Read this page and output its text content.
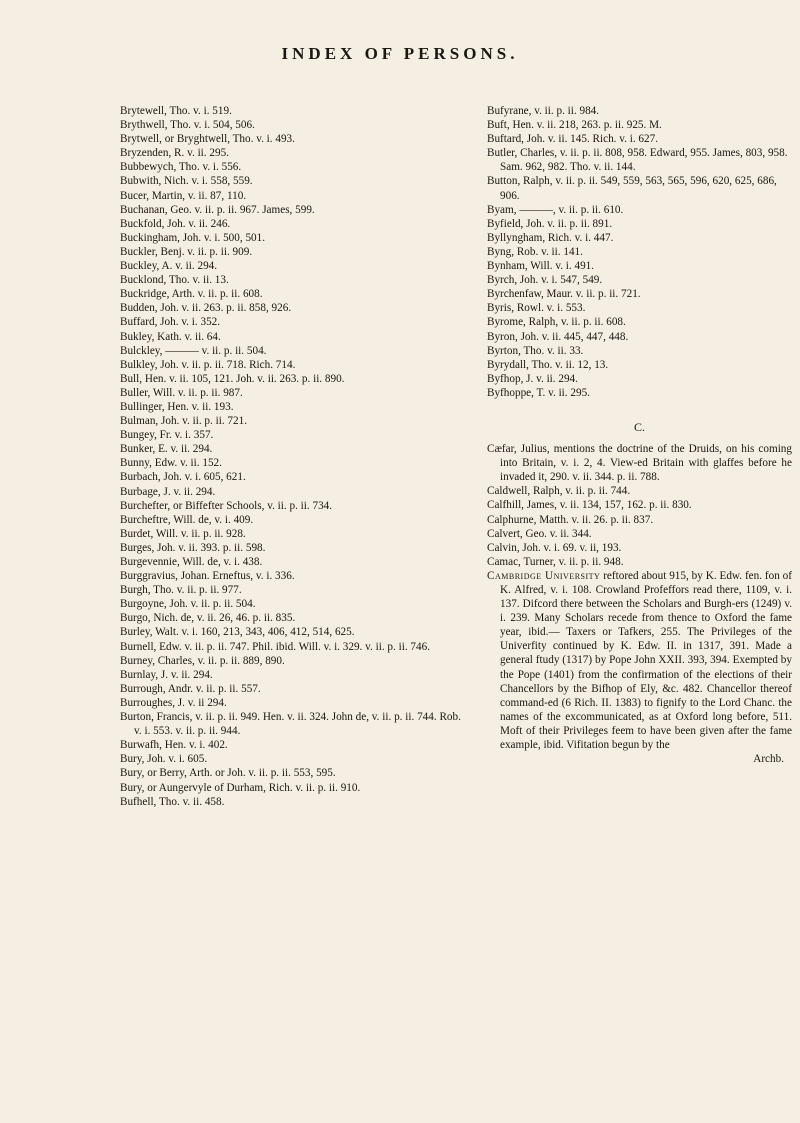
INDEX OF PERSONS.

Brytewell, Tho. v. i. 519.

Brythwell, Tho. v. i. 504, 506.

Brytwell, or Bryghtwell, Tho. v. i. 493.

Bryzenden, R. v. ii. 295.

Bubbewych, Tho. v. i. 556.

Bubwith, Nich. v. i. 558, 559.

Bucer, Martin, v. ii. 87, 110.

Buchanan, Geo. v. ii. p. ii. 967. James, 599.

Buckfold, Joh. v. ii. 246.

Buckingham, Joh. v. i. 500, 501.

Buckler, Benj. v. ii. p. ii. 909.

Buckley, A. v. ii. 294.

Bucklond, Tho. v. ii. 13.

Buckridge, Arth. v. ii. p. ii. 608.

Budden, Joh. v. ii. 263. p. ii. 858, 926.

Buffard, Joh. v. i. 352.

Bukley, Kath. v. ii. 64.

Bulckley, ——— v. ii. p. ii. 504.

Bulkley, Joh. v. ii. p. ii. 718. Rich. 714.

Bull, Hen. v. ii. 105, 121. Joh. v. ii. 263. p. ii. 890.

Buller, Will. v. ii. p. ii. 987.

Bullinger, Hen. v. ii. 193.

Bulman, Joh. v. ii. p. ii. 721.

Bungey, Fr. v. i. 357.

Bunker, E. v. ii. 294.

Bunny, Edw. v. ii. 152.

Burbach, Joh. v. i. 605, 621.

Burbage, J. v. ii. 294.

Burchefter, or Biffefter Schools, v. ii. p. ii. 734.

Burcheftre, Will. de, v. i. 409.

Burdet, Will. v. ii. p. ii. 928.

Burges, Joh. v. ii. 393. p. ii. 598.

Burgevennie, Will. de, v. i. 438.

Burggravius, Johan. Erneftus, v. i. 336.

Burgh, Tho. v. ii. p. ii. 977.

Burgoyne, Joh. v. ii. p. ii. 504.

Burgo, Nich. de, v. ii. 26, 46. p. ii. 835.

Burley, Walt. v. i. 160, 213, 343, 406, 412, 514, 625.

Burnell, Edw. v. ii. p. ii. 747. Phil. ibid. Will. v. i. 329. v. ii. p. ii. 746.

Burney, Charles, v. ii. p. ii. 889, 890.

Burnlay, J. v. ii. 294.

Burrough, Andr. v. ii. p. ii. 557.

Burroughes, J. v. ii 294.

Burton, Francis, v. ii. p. ii. 949. Hen. v. ii. 324. John de, v. ii. p. ii. 744. Rob. v. i. 553. v. ii. p. ii. 944.

Burwafh, Hen. v. i. 402.

Bury, Joh. v. i. 605.

Bury, or Berry, Arth. or Joh. v. ii. p. ii. 553, 595.

Bury, or Aungervyle of Durham, Rich. v. ii. p. ii. 910.

Bufhell, Tho. v. ii. 458.

Bufyrane, v. ii. p. ii. 984.

Buft, Hen. v. ii. 218, 263. p. ii. 925. M.

Buftard, Joh. v. ii. 145. Rich. v. i. 627.

Butler, Charles, v. ii. p. ii. 808, 958. Edward, 955. James, 803, 958. Sam. 962, 982. Tho. v. ii. 144.

Button, Ralph, v. ii. p. ii. 549, 559, 563, 565, 596, 620, 625, 686, 906.

Byam, ———, v. ii. p. ii. 610.

Byfield, Joh. v. ii. p. ii. 891.

Byllyngham, Rich. v. i. 447.

Byng, Rob. v. ii. 141.

Bynham, Will. v. i. 491.

Byrch, Joh. v. i. 547, 549.

Byrchenfaw, Maur. v. ii. p. ii. 721.

Byris, Rowl. v. i. 553.

Byrome, Ralph, v. ii. p. ii. 608.

Byron, Joh. v. ii. 445, 447, 448.

Byrton, Tho. v. ii. 33.

Byrydall, Tho. v. ii. 12, 13.

Byfhop, J. v. ii. 294.

Byfhoppe, T. v. ii. 295.

C.

Cæfar, Julius, mentions the doctrine of the Druids, on his coming into Britain, v. i. 2, 4. View-ed Britain with glaffes before he invaded it, 290. v. ii. 344. p. ii. 788.

Caldwell, Ralph, v. ii. p. ii. 744.

Calfhill, James, v. ii. 134, 157, 162. p. ii. 830.

Calphurne, Matth. v. ii. 26. p. ii. 837.

Calvert, Geo. v. ii. 344.

Calvin, Joh. v. i. 69. v. ii, 193.

Camac, Turner, v. ii. p. ii. 948.

Cambridge University reftored about 915, by K. Edw. fen. fon of K. Alfred, v. i. 108. Crowland Profeffors read there, 1109, v. i. 137. Difcord there between the Scholars and Burgh-ers (1249) v. i. 239. Many Scholars recede from thence to Oxford the fame year, ibid.— Taxers or Tafkers, 255. The Privileges of the Univerfity continued by K. Edw. II. in 1317, 391. Made a general ftudy (1317) by Pope John XXII. 393, 394. Exempted by the Pope (1401) from the confirmation of the elections of their Chancellors by the Bifhop of Ely, &c. 482. Chancellor thereof command-ed (6 Rich. II. 1383) to fignify to the Lord Chanc. the names of the excommunicated, as at Oxford long before, 511. Moft of their Privileges feem to have been given after the fame example, ibid. Vifitation begun by the

Archb.
